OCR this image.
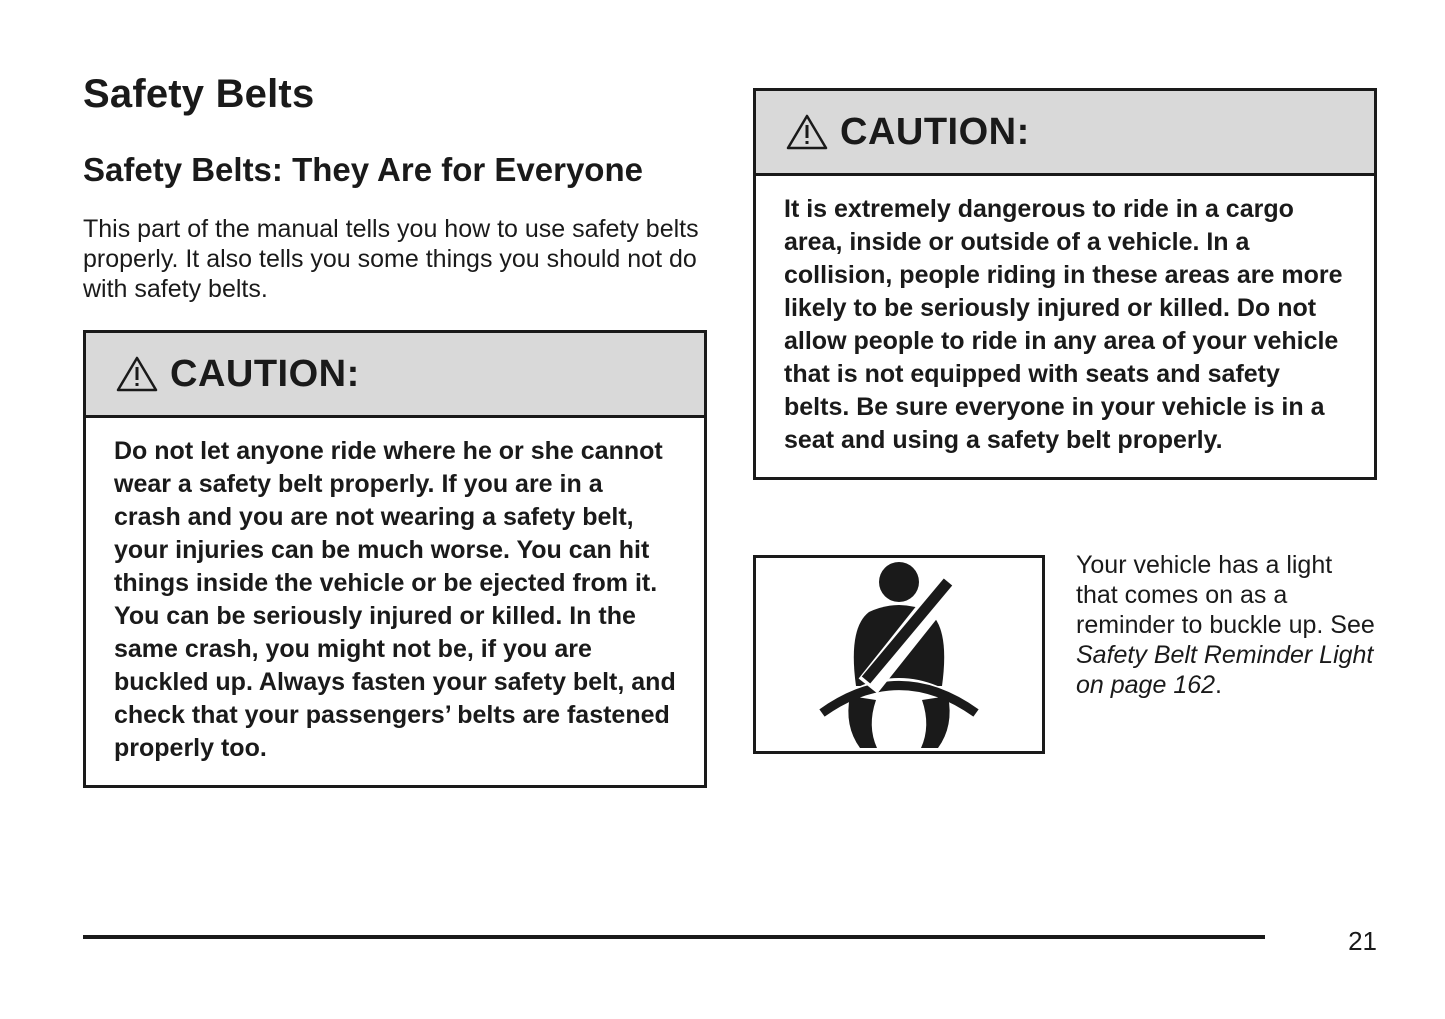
Safety Belts
Safety Belts: They Are for Everyone

This part of the manual tells you how to use safety belts properly. It also tells you some things you should not do with safety belts.

CAUTION:
Do not let anyone ride where he or she cannot wear a safety belt properly. If you are in a crash and you are not wearing a safety belt, your injuries can be much worse. You can hit things inside the vehicle or be ejected from it. You can be seriously injured or killed. In the same crash, you might not be, if you are buckled up. Always fasten your safety belt, and check that your passengers’ belts are fastened properly too.
CAUTION:
It is extremely dangerous to ride in a cargo area, inside or outside of a vehicle. In a collision, people riding in these areas are more likely to be seriously injured or killed. Do not allow people to ride in any area of your vehicle that is not equipped with seats and safety belts. Be sure everyone in your vehicle is in a seat and using a safety belt properly.
Your vehicle has a light that comes on as a reminder to buckle up. See Safety Belt Reminder Light on page 162.
21
